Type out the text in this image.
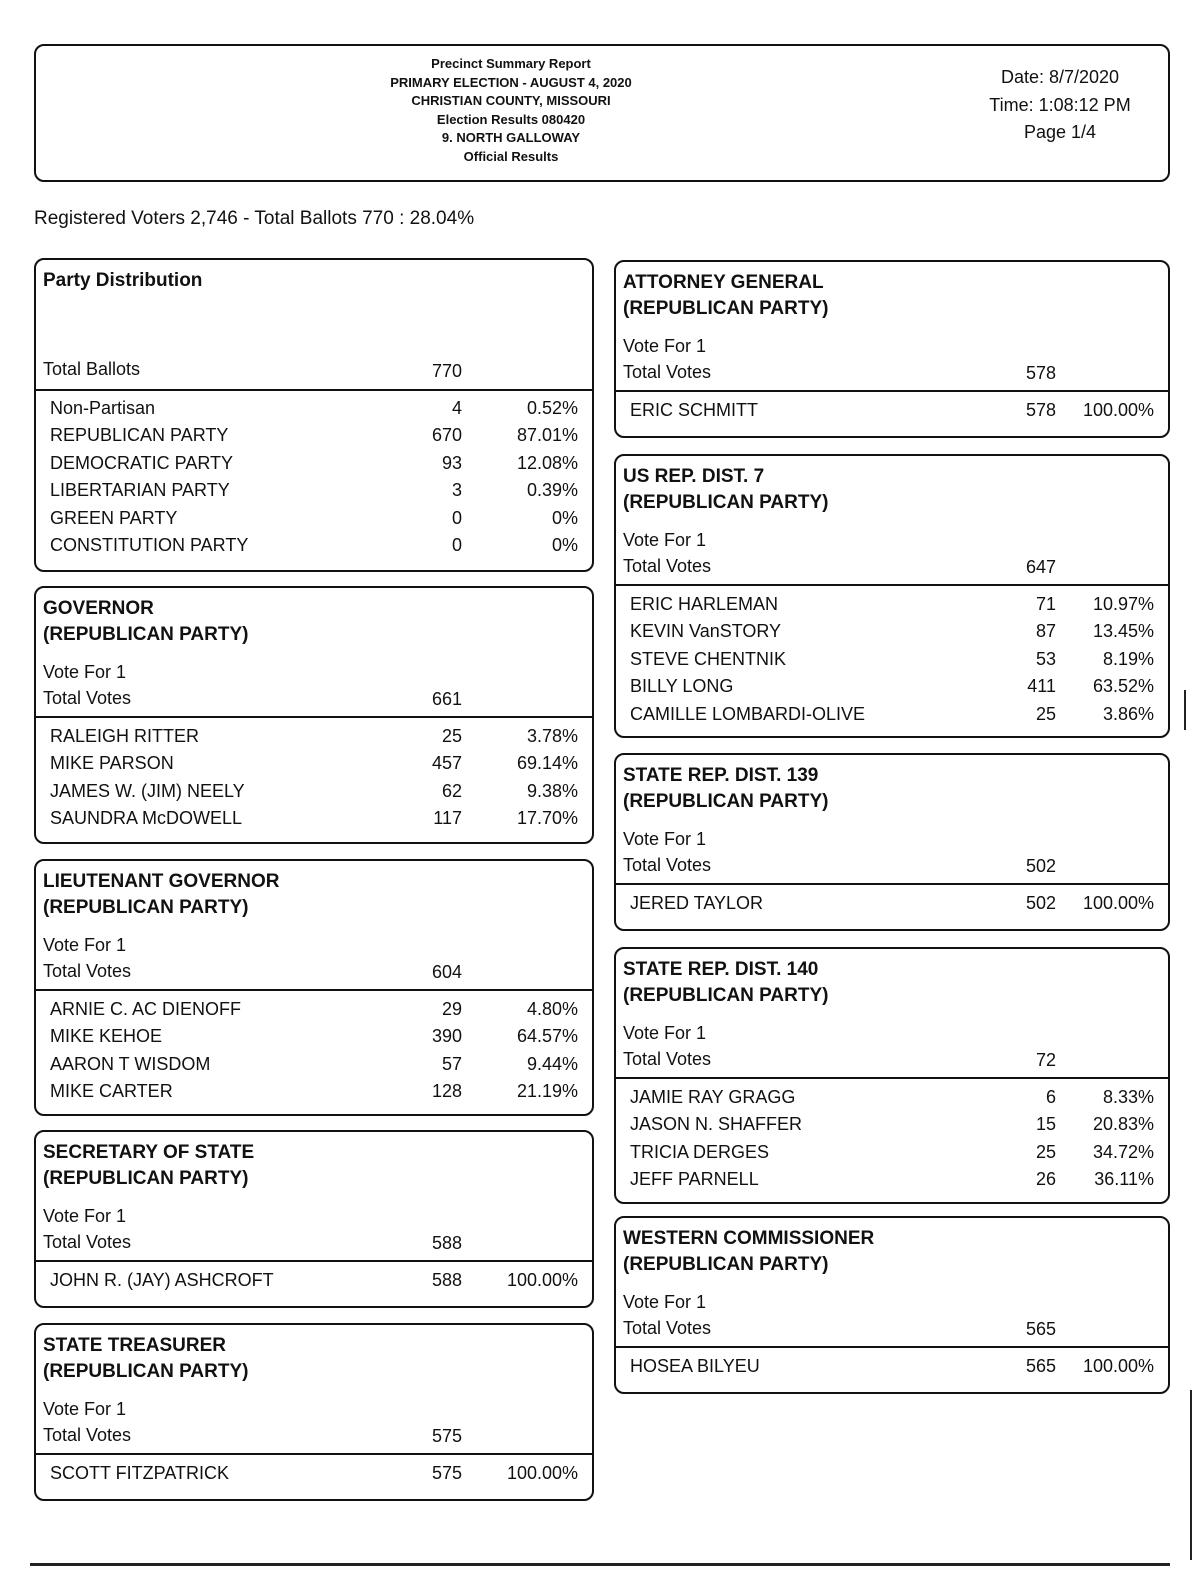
Precinct Summary Report
PRIMARY ELECTION - AUGUST 4, 2020
CHRISTIAN COUNTY, MISSOURI
Election Results 080420
9. NORTH GALLOWAY
Official Results
Date: 8/7/2020
Time: 1:08:12 PM
Page 1/4
Registered Voters 2,746 - Total Ballots 770 : 28.04%
Party Distribution
Total Ballots	770
Non-Partisan	4	0.52%
REPUBLICAN PARTY	670	87.01%
DEMOCRATIC PARTY	93	12.08%
LIBERTARIAN PARTY	3	0.39%
GREEN PARTY	0	0%
CONSTITUTION PARTY	0	0%
GOVERNOR
(REPUBLICAN PARTY)
Vote For 1
Total Votes	661
RALEIGH RITTER	25	3.78%
MIKE PARSON	457	69.14%
JAMES W. (JIM) NEELY	62	9.38%
SAUNDRA McDOWELL	117	17.70%
LIEUTENANT GOVERNOR
(REPUBLICAN PARTY)
Vote For 1
Total Votes	604
ARNIE C. AC DIENOFF	29	4.80%
MIKE KEHOE	390	64.57%
AARON T WISDOM	57	9.44%
MIKE CARTER	128	21.19%
SECRETARY OF STATE
(REPUBLICAN PARTY)
Vote For 1
Total Votes	588
JOHN R. (JAY) ASHCROFT	588	100.00%
STATE TREASURER
(REPUBLICAN PARTY)
Vote For 1
Total Votes	575
SCOTT FITZPATRICK	575	100.00%
ATTORNEY GENERAL
(REPUBLICAN PARTY)
Vote For 1
Total Votes	578
ERIC SCHMITT	578	100.00%
US REP. DIST. 7
(REPUBLICAN PARTY)
Vote For 1
Total Votes	647
ERIC HARLEMAN	71	10.97%
KEVIN VanSTORY	87	13.45%
STEVE CHENTNIK	53	8.19%
BILLY LONG	411	63.52%
CAMILLE LOMBARDI-OLIVE	25	3.86%
STATE REP. DIST. 139
(REPUBLICAN PARTY)
Vote For 1
Total Votes	502
JERED TAYLOR	502	100.00%
STATE REP. DIST. 140
(REPUBLICAN PARTY)
Vote For 1
Total Votes	72
JAMIE RAY GRAGG	6	8.33%
JASON N. SHAFFER	15	20.83%
TRICIA DERGES	25	34.72%
JEFF PARNELL	26	36.11%
WESTERN COMMISSIONER
(REPUBLICAN PARTY)
Vote For 1
Total Votes	565
HOSEA BILYEU	565	100.00%
